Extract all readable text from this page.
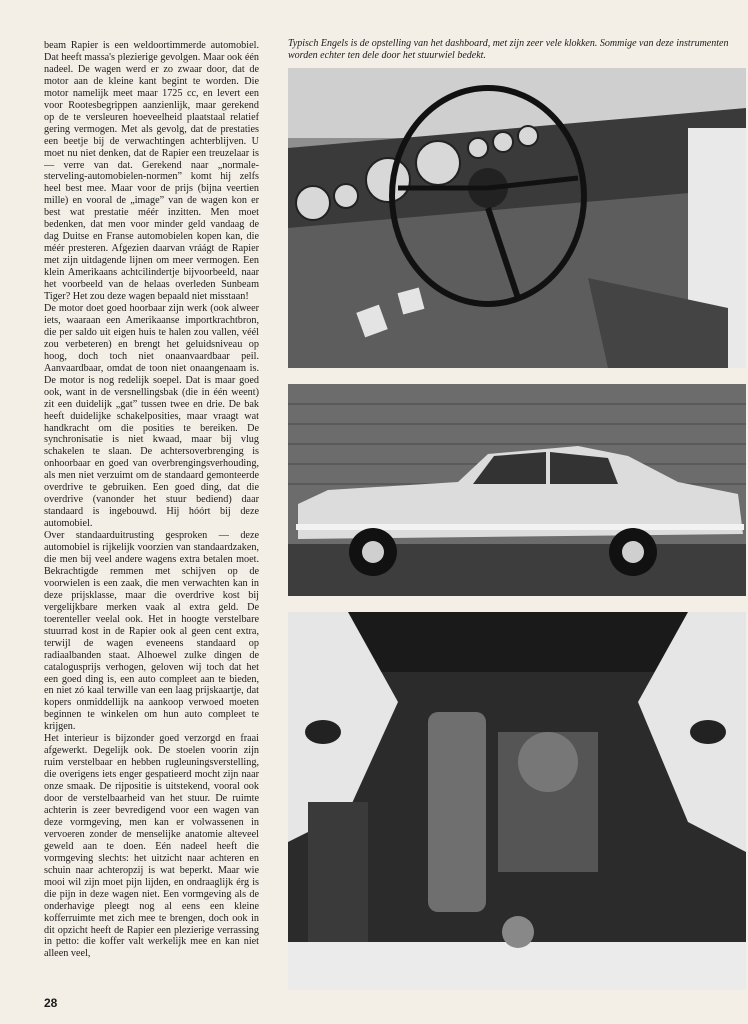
beam Rapier is een weldoortimmerde automobiel. Dat heeft massa's plezierige gevolgen. Maar ook één nadeel. De wagen werd er zo zwaar door, dat de motor aan de kleine kant begint te worden. Die motor namelijk meet maar 1725 cc, en levert een voor Rootesbegrippen aanzienlijk, maar gerekend op de te versleuren hoeveelheid plaatstaal relatief gering vermogen. Met als gevolg, dat de prestaties een beetje bij de verwachtingen achterblijven. U moet nu niet denken, dat de Rapier een treuzelaar is — verre van dat. Gerekend naar „normale-sterveling-automobielen-normen” komt hij zelfs heel best mee. Maar voor de prijs (bijna veertien mille) en vooral de „image” van de wagen kon er best wat prestatie méér inzitten. Men moet bedenken, dat men voor minder geld vandaag de dag Duitse en Franse automobielen kopen kan, die méér presteren. Afgezien daarvan vráágt de Rapier met zijn uitdagende lijnen om meer vermogen. Een klein Amerikaans achtcilindertje bijvoorbeeld, naar het voorbeeld van de helaas overleden Sunbeam Tiger? Het zou deze wagen bepaald niet misstaan!

De motor doet goed hoorbaar zijn werk (ook alweer iets, waaraan een Amerikaanse importkrachtbron, die per saldo uit eigen huis te halen zou vallen, véél zou verbeteren) en brengt het geluidsniveau op hoog, doch toch niet onaanvaardbaar peil. Aanvaardbaar, omdat de toon niet onaangenaam is. De motor is nog redelijk soepel. Dat is maar goed ook, want in de versnellingsbak (die in één weent) zit een duidelijk „gat” tussen twee en drie. De bak heeft duidelijke schakelposities, maar vraagt wat handkracht om die posities te bereiken. De synchronisatie is niet kwaad, maar bij vlug schakelen te slaan. De achtersoverbrenging is onhoorbaar en goed van overbrengingsverhouding, als men niet verzuimt om de standaard gemonteerde overdrive te gebruiken. Een goed ding, dat die overdrive (vanonder het stuur bediend) daar standaard is ingebouwd. Hij hóórt bij deze automobiel.

Over standaarduitrusting gesproken — deze automobiel is rijkelijk voorzien van standaardzaken, die men bij veel andere wagens extra betalen moet. Bekrachtigde remmen met schijven op de voorwielen is een zaak, die men verwachten kan in deze prijsklasse, maar die overdrive kost bij vergelijkbare merken vaak al extra geld. De toerenteller veelal ook. Het in hoogte verstelbare stuurrad kost in de Rapier ook al geen cent extra, terwijl de wagen eveneens standaard op radiaalbanden staat. Alhoewel zulke dingen de catalogusprijs verhogen, geloven wij toch dat het een goed ding is, een auto compleet aan te bieden, en niet zó kaal terwille van een laag prijskaartje, dat kopers onmiddellijk na aankoop verwoed moeten beginnen te winkelen om hun auto compleet te krijgen.

Het interieur is bijzonder goed verzorgd en fraai afgewerkt. Degelijk ook. De stoelen voorin zijn ruim verstelbaar en hebben rugleuningsverstelling, die overigens iets enger gespatieerd mocht zijn naar onze smaak. De rijpositie is uitstekend, vooral ook door de verstelbaarheid van het stuur. De ruimte achterin is zeer bevredigend voor een wagen van deze vormgeving, men kan er volwassenen in vervoeren zonder de menselijke anatomie alteveel geweld aan te doen. Eén nadeel heeft die vormgeving slechts: het uitzicht naar achteren en schuin naar achteropzij is wat beperkt. Maar wie mooi wil zijn moet pijn lijden, en ondraaglijk érg is die pijn in deze wagen niet. Een vormgeving als de onderhavige pleegt nog al eens een kleine kofferruimte met zich mee te brengen, doch ook in dit opzicht heeft de Rapier een plezierige verrassing in petto: die koffer valt werkelijk mee en kan niet alleen veel,

Typisch Engels is de opstelling van het dashboard, met zijn zeer vele klokken. Sommige van deze instrumenten worden echter ten dele door het stuurwiel bedekt.
28
